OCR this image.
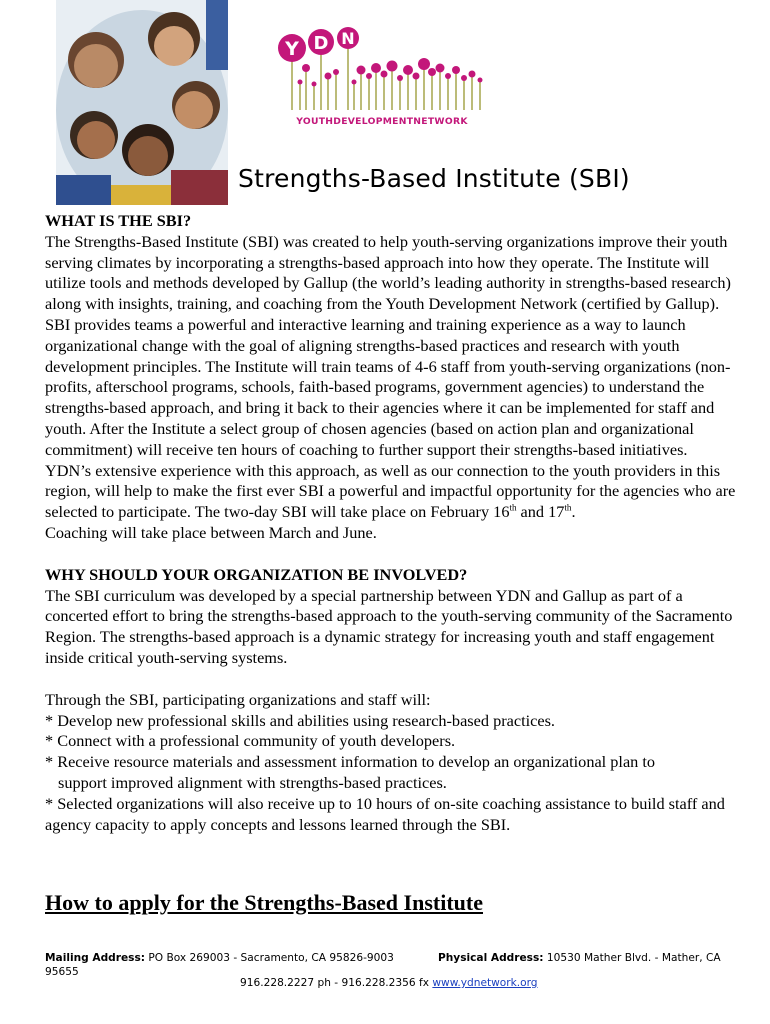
Y D N
YOUTHDEVELOPMENTNETWORK
Strengths-Based Institute (SBI)

WHAT IS THE SBI?

The Strengths-Based Institute (SBI) was created to help youth-serving organizations improve their youth serving climates by incorporating a strengths-based approach into how they operate. The Institute will utilize tools and methods developed by Gallup (the world’s leading authority in strengths-based research) along with insights, training, and coaching from the Youth Development Network (certified by Gallup). SBI provides teams a powerful and interactive learning and training experience as a way to launch organizational change with the goal of aligning strengths-based practices and research with youth development principles. The Institute will train teams of 4-6 staff from youth-serving organizations (non-profits, afterschool programs, schools, faith-based programs, government agencies) to understand the strengths-based approach, and bring it back to their agencies where it can be implemented for staff and youth. After the Institute a select group of chosen agencies (based on action plan and organizational commitment) will receive ten hours of coaching to further support their strengths-based initiatives. YDN’s extensive experience with this approach, as well as our connection to the youth providers in this region, will help to make the first ever SBI a powerful and impactful opportunity for the agencies who are selected to participate. The two-day SBI will take place on February 16th and 17th.
Coaching will take place between March and June.

WHY SHOULD YOUR ORGANIZATION BE INVOLVED?

The SBI curriculum was developed by a special partnership between YDN and Gallup as part of a concerted effort to bring the strengths-based approach to the youth-serving community of the Sacramento Region. The strengths-based approach is a dynamic strategy for increasing youth and staff engagement inside critical youth-serving systems.

Through the SBI, participating organizations and staff will:

* Develop new professional skills and abilities using research-based practices.

* Connect with a professional community of youth developers.

* Receive resource materials and assessment information to develop an organizational plan to

support improved alignment with strengths-based practices.

* Selected organizations will also receive up to 10 hours of on-site coaching assistance to build staff and agency capacity to apply concepts and lessons learned through the SBI.

How to apply for the Strengths-Based Institute
Mailing Address: PO Box 269003 - Sacramento, CA 95826-9003	Physical Address: 10530 Mather Blvd. - Mather, CA
95655
916.228.2227 ph - 916.228.2356 fx www.ydnetwork.org
